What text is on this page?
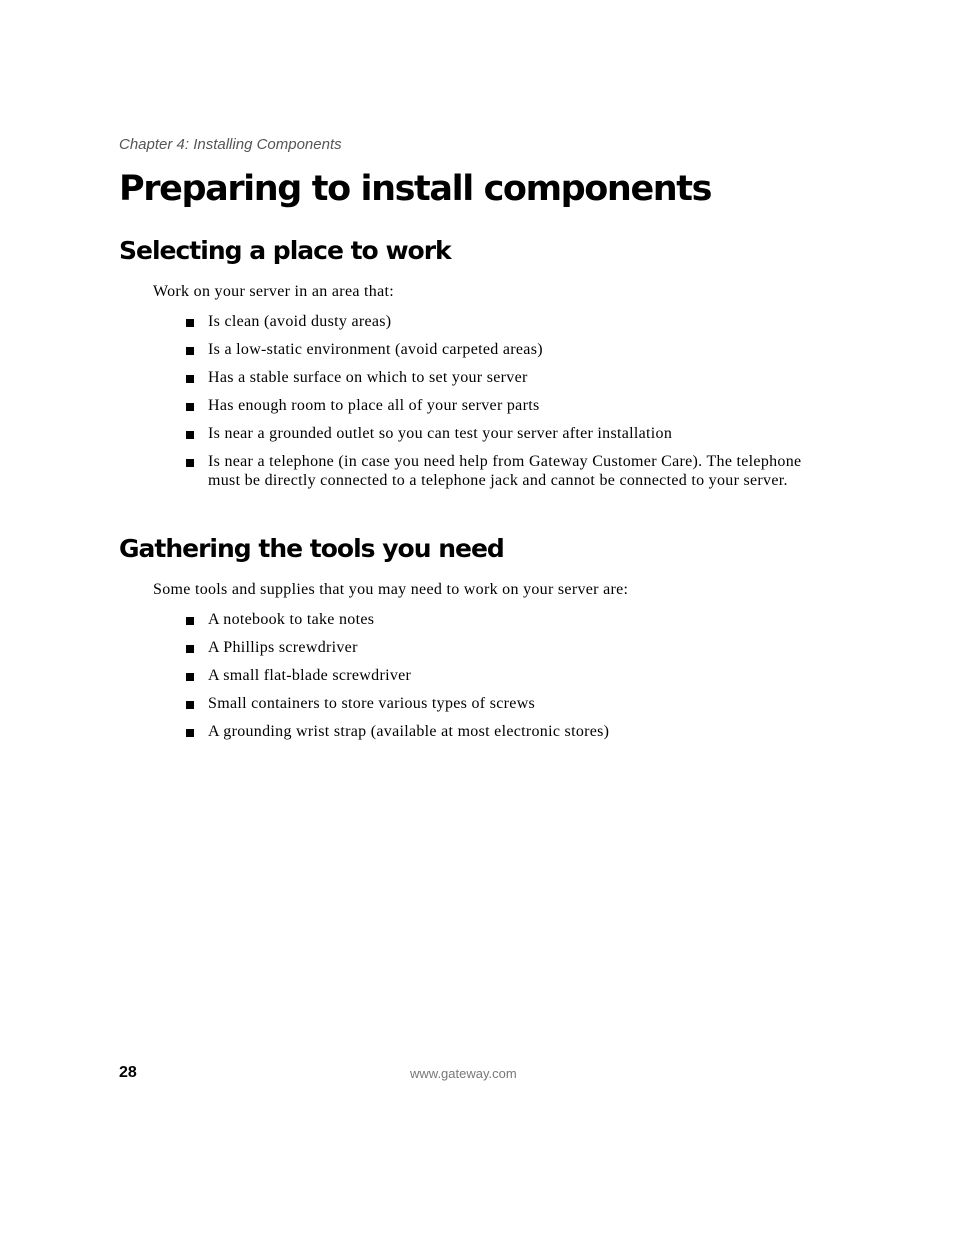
Chapter 4: Installing Components
Preparing to install components
Selecting a place to work

Work on your server in an area that:

Is clean (avoid dusty areas)
Is a low-static environment (avoid carpeted areas)
Has a stable surface on which to set your server
Has enough room to place all of your server parts
Is near a grounded outlet so you can test your server after installation
Is near a telephone (in case you need help from Gateway Customer Care). The telephone must be directly connected to a telephone jack and cannot be connected to your server.
Gathering the tools you need

Some tools and supplies that you may need to work on your server are:

A notebook to take notes
A Phillips screwdriver
A small flat-blade screwdriver
Small containers to store various types of screws
A grounding wrist strap (available at most electronic stores)
28	www.gateway.com
